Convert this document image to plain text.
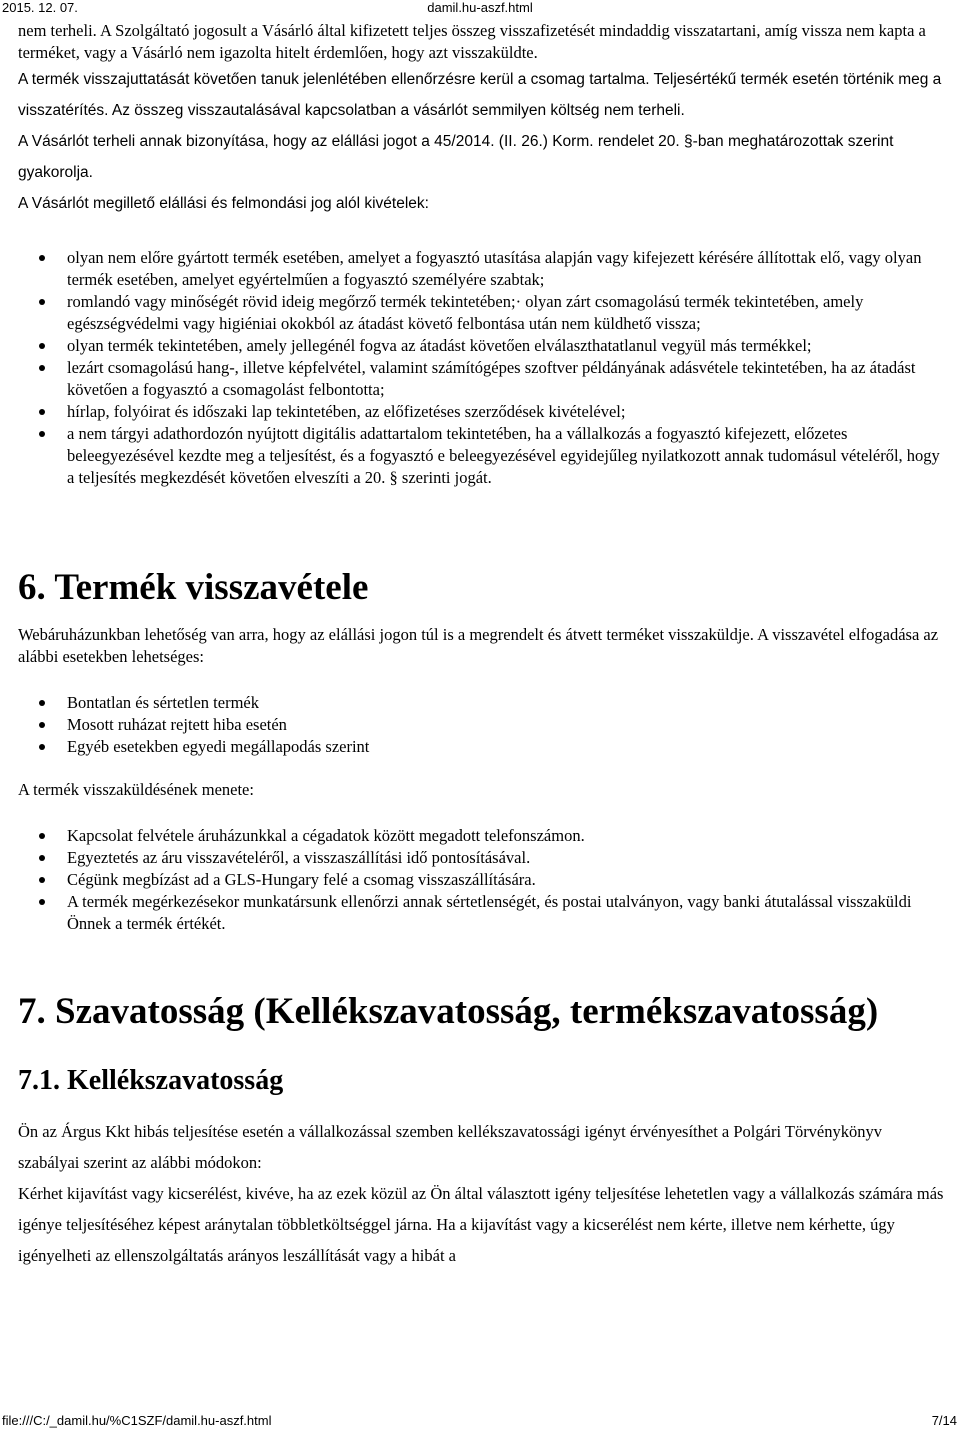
2015. 12. 07.	damil.hu-aszf.html

nem terheli. A Szolgáltató jogosult a Vásárló által kifizetett teljes összeg visszafizetését mindaddig visszatartani, amíg vissza nem kapta a terméket, vagy a Vásárló nem igazolta hitelt érdemlően, hogy azt visszaküldte.

A termék visszajuttatását követően tanuk jelenlétében ellenőrzésre kerül a csomag tartalma. Teljesértékű termék esetén történik meg a visszatérítés. Az összeg visszautalásával kapcsolatban a vásárlót semmilyen költség nem terheli.

A Vásárlót terheli annak bizonyítása, hogy az elállási jogot a 45/2014. (II. 26.) Korm. rendelet 20. §-ban meghatározottak szerint gyakorolja.

A Vásárlót megillető elállási és felmondási jog alól kivételek:

olyan nem előre gyártott termék esetében, amelyet a fogyasztó utasítása alapján vagy kifejezett kérésére állítottak elő, vagy olyan termék esetében, amelyet egyértelműen a fogyasztó személyére szabtak;
romlandó vagy minőségét rövid ideig megőrző termék tekintetében;· olyan zárt csomagolású termék tekintetében, amely egészségvédelmi vagy higiéniai okokból az átadást követő felbontása után nem küldhető vissza;
olyan termék tekintetében, amely jellegénél fogva az átadást követően elválaszthatatlanul vegyül más termékkel;
lezárt csomagolású hang-, illetve képfelvétel, valamint számítógépes szoftver példányának adásvétele tekintetében, ha az átadást követően a fogyasztó a csomagolást felbontotta;
hírlap, folyóirat és időszaki lap tekintetében, az előfizetéses szerződések kivételével;
a nem tárgyi adathordozón nyújtott digitális adattartalom tekintetében, ha a vállalkozás a fogyasztó kifejezett, előzetes beleegyezésével kezdte meg a teljesítést, és a fogyasztó e beleegyezésével egyidejűleg nyilatkozott annak tudomásul vételéről, hogy a teljesítés megkezdését követően elveszíti a 20. § szerinti jogát.
6. Termék visszavétele

Webáruházunkban lehetőség van arra, hogy az elállási jogon túl is a megrendelt és átvett terméket visszaküldje. A visszavétel elfogadása az alábbi esetekben lehetséges:

Bontatlan és sértetlen termék
Mosott ruházat rejtett hiba esetén
Egyéb esetekben egyedi megállapodás szerint

A termék visszaküldésének menete:

Kapcsolat felvétele áruházunkkal a cégadatok között megadott telefonszámon.
Egyeztetés az áru visszavételéről, a visszaszállítási idő pontosításával.
Cégünk megbízást ad a GLS-Hungary felé a csomag visszaszállítására.
A termék megérkezésekor munkatársunk ellenőrzi annak sértetlenségét, és postai utalványon, vagy banki átutalással visszaküldi Önnek a termék értékét.
7. Szavatosság (Kellékszavatosság, termékszavatosság)
7.1. Kellékszavatosság

Ön az Árgus Kkt hibás teljesítése esetén a vállalkozással szemben kellékszavatossági igényt érvényesíthet a Polgári Törvénykönyv szabályai szerint az alábbi módokon:

Kérhet kijavítást vagy kicserélést, kivéve, ha az ezek közül az Ön által választott igény teljesítése lehetetlen vagy a vállalkozás számára más igénye teljesítéséhez képest aránytalan többletköltséggel járna. Ha a kijavítást vagy a kicserélést nem kérte, illetve nem kérhette, úgy igényelheti az ellenszolgáltatás arányos leszállítását vagy a hibát a

file:///C:/_damil.hu/%C1SZF/damil.hu-aszf.html	7/14
